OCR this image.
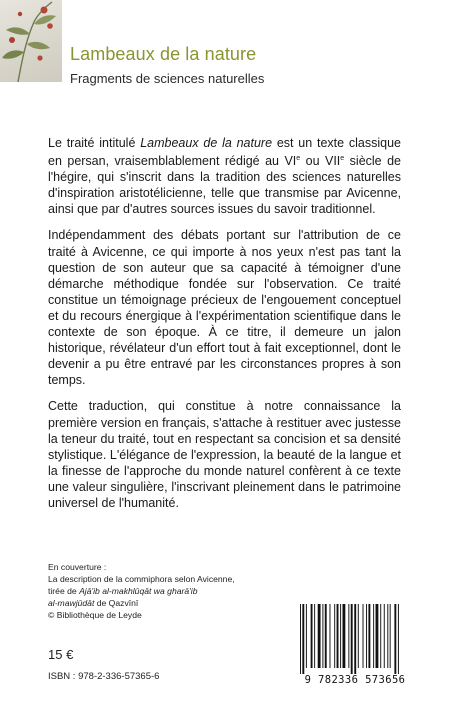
Lambeaux de la nature
Fragments de sciences naturelles

Le traité intitulé Lambeaux de la nature est un texte classique en persan, vraisemblablement rédigé au VIe ou VIIe siècle de l'hégire, qui s'inscrit dans la tradition des sciences naturelles d'inspiration aristotélicienne, telle que transmise par Avicenne, ainsi que par d'autres sources issues du savoir traditionnel.

Indépendamment des débats portant sur l'attribution de ce traité à Avicenne, ce qui importe à nos yeux n'est pas tant la question de son auteur que sa capacité à témoigner d'une démarche méthodique fondée sur l'observation. Ce traité constitue un témoignage précieux de l'engouement conceptuel et du recours énergique à l'expérimentation scientifique dans le contexte de son époque. À ce titre, il demeure un jalon historique, révélateur d'un effort tout à fait exceptionnel, dont le devenir a pu être entravé par les circonstances propres à son temps.

Cette traduction, qui constitue à notre connaissance la première version en français, s'attache à restituer avec justesse la teneur du traité, tout en respectant sa concision et sa densité stylistique. L'élégance de l'expression, la beauté de la langue et la finesse de l'approche du monde naturel confèrent à ce texte une valeur singulière, l'inscrivant pleinement dans le patrimoine universel de l'humanité.

En couverture :
La description de la commiphora selon Avicenne,
tirée de Ajā'ib al-makhlūqāt wa gharā'ib
al-mawjūdāt de Qazvīnī
© Bibliothèque de Leyde
15 €
ISBN : 978-2-336-57365-6	9 782336 573656
